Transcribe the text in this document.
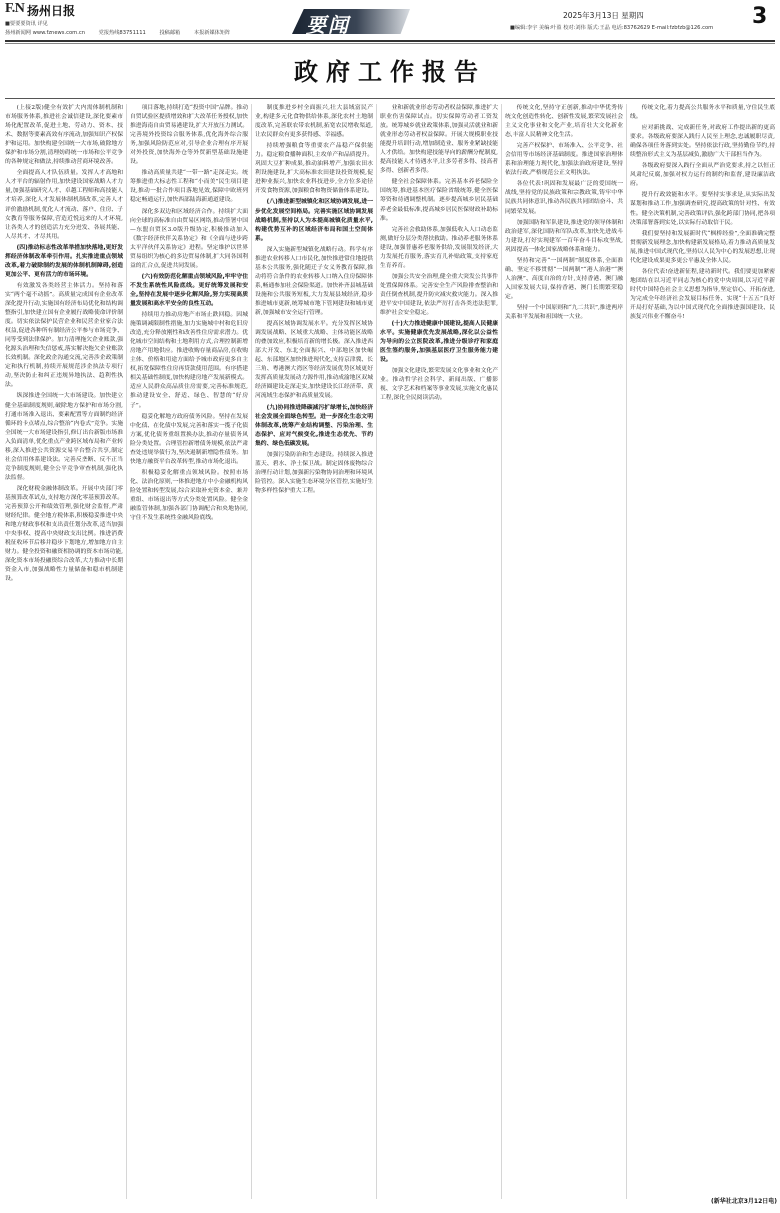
F.N 扬州日报
■要要要资讯 详见
扬州新闻网 www.fznews.com.cn	党报热线83751111	投稿邮箱	本报新媒体矩阵	要闻	2025年3月13日 星期四
■编辑:李宇 美编:叶盈 校对:刘伟 版式:王晶 电话:83762629 E-mail:fzbfzb@126.com 3
政府工作报告

(上接2版)健全有效扩大内需体制机制和市场服务体系,推进社会诚信建设,深化要素市场化配置改革,促进土地、劳动力、资本、技术、数据等要素高效有序流动,加强知识产权保护和运用。加快构建全国统一大市场,破除地方保护和市场分割,清理妨碍统一市场和公平竞争的各种规定和做法,持续推动营商环境改善。

全面提高人才队伍质量。发挥人才高地和人才平台的辐射作用,加快建设国家战略人才力量,加强基础研究人才、卓越工程师和高技能人才培养,深化人才发展体制机制改革,完善人才评价激励机制,优化人才流动、落户、住房、子女教育等服务保障,营造近悦远来的人才环境,让各类人才的创造活力充分迸发、各展其能、人尽其才、才尽其用。

(四)推动标志性改革举措加快落地,更好发挥经济体制改革牵引作用。扎实推进重点领域改革,着力破除制约发展的体制机制障碍,创造更加公平、更有活力的市场环境。

有效激发各类经营主体活力。坚持和落实“两个毫不动摇”。高质量完成国有企业改革深化提升行动,实施国有经济布局优化和结构调整指引,加快建立国有企业履行战略使命评价制度。切实依法保护民营企业和民营企业家合法权益,促进各种所有制经济公平参与市场竞争、同等受到法律保护。加力清理拖欠企业账款,强化源头治理和失信惩戒,落实解决拖欠企业账款长效机制。深化政企沟通交流,完善涉企政策制定和执行机制,持续开展规范涉企执法专项行动,坚决防止和纠正违规异地执法、趋利性执法。

纵深推进全国统一大市场建设。加快建立健全基础制度规则,破除地方保护和市场分割,打通市场准入退出、要素配置等方面制约经济循环的卡点堵点,综合整治“内卷式”竞争。实施全国统一大市场建设指引,修订出台新版市场准入负面清单,优化重点产业跨区域布局和产业转移,深入推进公共资源交易平台整合共享,制定社会信用体系建设法。完善反垄断、反不正当竞争制度规则,健全公平竞争审查机制,强化执法监督。

深化财税金融体制改革。开展中央部门零基预算改革试点,支持地方深化零基预算改革。完善预算公开和绩效管理,强化财会监督,严肃财经纪律。健全地方税体系,积极稳妥推进中央和地方财政事权和支出责任划分改革,适当加强中央事权、提高中央财政支出比例。推进消费税征收环节后移并稳步下划地方,增加地方自主财力。健全投资和融资相协调的资本市场功能,深化资本市场投融资综合改革,大力推动中长期资金入市,加强战略性力量储备和稳市机制建设。

项目落地,持续打造“投资中国”品牌。推动自贸试验区提质增效和扩大改革任务授权,加快推进海南自由贸易港建设,扩大开放压力测试。完善境外投资综合服务体系,优化海外综合服务,加强风险防范应对,引导企业合理有序开展对外投资,加快海外仓等外贸新型基础设施建设。

推动高质量共建“一带一路”走深走实。统筹推进重大标志性工程和“小而美”民生项目建设,推动一批合作项目落地见效,保障中欧班列稳定畅通运行,加快西部陆海新通道建设。

深化多双边和区域经济合作。持续扩大面向全球的高标准自由贸易区网络,推动签署中国—东盟自贸区3.0版升级协定,积极推动加入《数字经济伙伴关系协定》和《全面与进步跨太平洋伙伴关系协定》进程。坚定维护以世界贸易组织为核心的多边贸易体制,扩大同各国利益的汇合点,促进共同发展。

(六)有效防范化解重点领域风险,牢牢守住不发生系统性风险底线。更好统筹发展和安全,坚持在发展中逐步化解风险,努力实现高质量发展和高水平安全的良性互动。

持续用力推动房地产市场止跌回稳。因城施策调减限制性措施,加力实施城中村和危旧房改造,充分释放刚性和改善性住房需求潜力。优化城市空间结构和土地利用方式,合理控制新增房地产用地供应。推进收购存量商品房,在收购主体、价格和用途方面给予城市政府更多自主权,拓宽保障性住房再贷款使用范围。有序搭建相关基础性制度,加快构建房地产发展新模式。适应人民群众高品质住房需要,完善标准规范,推动建设安全、舒适、绿色、智慧的“好房子”。

稳妥化解地方政府债务风险。坚持在发展中化债、在化债中发展,完善和落实一揽子化债方案,优化债务重组置换办法,推动存量债务风险分类处置。合理管控新增债务规模,依法严肃查处违规举债行为,坚决遏制新增隐性债务。加快地方融资平台改革转型,推动市场化退出。

积极稳妥化解重点领域风险。按照市场化、法治化原则,一体推进地方中小金融机构风险处置和转型发展,综合采取补充资本金、兼并重组、市场退出等方式分类处置风险。健全金融监管体制,加强各部门协调配合和央地协同,守住不发生系统性金融风险底线。

制度推进乡村全面振兴,壮大县域富民产业,构建多元化食物供给体系,深化农村土地制度改革,完善联农带农机制,拓宽农民增收渠道,让农民群众有更多获得感、幸福感。

持续增强粮食等重要农产品稳产保供能力。稳定粮食播种面积,主攻单产和品质提升。巩固大豆扩种成果,推动油料增产,加强农田水利设施建设,扩大高标准农田建设投资规模,促进种业振兴,加快农业科技进步,全方位多途径开发食物资源,加强粮食和物资储备体系建设。

(八)推进新型城镇化和区域协调发展,进一步优化发展空间格局。完善实施区域协调发展战略机制,坚持以人为本提高城镇化质量水平,构建优势互补的区域经济布局和国土空间体系。

深入实施新型城镇化战略行动。科学有序推进农业转移人口市民化,加快推进常住地提供基本公共服务,强化随迁子女义务教育保障,推动将符合条件的农业转移人口纳入住房保障体系,畅通参加社会保险渠道。加快补齐县城基础设施和公共服务短板,大力发展县域经济,稳步推进城市更新,统筹城市地下管网建设和城市更新,加强城市安全运行管理。

提高区域协调发展水平。充分发挥区域协调发展战略、区域重大战略、主体功能区战略的叠加效应,积极培育新的增长极。深入推进西部大开发、东北全面振兴、中部地区加快崛起、东部地区加快推进现代化,支持京津冀、长三角、粤港澳大湾区等经济发展优势区域更好发挥高质量发展动力源作用,推动成渝地区双城经济圈建设走深走实,加快建设长江经济带、黄河流域生态保护和高质量发展。

(九)协同推进降碳减污扩绿增长,加快经济社会发展全面绿色转型。进一步深化生态文明体制改革,统筹产业结构调整、污染治理、生态保护、应对气候变化,推进生态优先、节约集约、绿色低碳发展。

加强污染防治和生态建设。持续深入推进蓝天、碧水、净土保卫战。制定固体废物综合治理行动计划,加强新污染物协同治理和环境风险管控。深入实施生态环境分区管控,实施好生物多样性保护重大工程。

业和新就业形态劳动者权益保障,推进扩大职业伤害保障试点。切实保障劳动者工资发放。统筹城乡就业政策体系,加强灵活就业和新就业形态劳动者权益保障。开展大规模职业技能提升培训行动,增加制造业、服务业紧缺技能人才供给。加快构建技能导向的薪酬分配制度,提高技能人才待遇水平,让多劳者多得、技高者多得、创新者多得。

健全社会保障体系。完善基本养老保险全国统筹,推进基本医疗保险省级统筹,健全医保筹资和待遇调整机制。逐步提高城乡居民基础养老金最低标准,提高城乡居民医保财政补助标准。

完善社会救助体系,加强低收入人口动态监测,做好分层分类帮扶救助。推动养老服务体系建设,加强普惠养老服务供给,发展银发经济,大力发展托育服务,落实育儿补贴政策,支持家庭生育养育。

加强公共安全治理,健全重大突发公共事件处置保障体系。完善安全生产风险排查整治和责任倒查机制,提升防灾减灾救灾能力。深入推进平安中国建设,依法严厉打击各类违法犯罪,维护社会安全稳定。

(十)大力推进健康中国建设,提高人民健康水平。实施健康优先发展战略,深化以公益性为导向的公立医院改革,推进分级诊疗和家庭医生签约服务,加强基层医疗卫生服务能力建设。

加强文化建设,繁荣发展文化事业和文化产业。推动哲学社会科学、新闻出版、广播影视、文学艺术和档案等事业发展,实施文化惠民工程,深化全民阅读活动。

传统文化,坚持守正创新,推动中华优秀传统文化创造性转化、创新性发展,繁荣发展社会主义文化事业和文化产业,培育壮大文化新业态,丰富人民精神文化生活。

完善产权保护、市场准入、公平竞争、社会信用等市场经济基础制度。推进国家治理体系和治理能力现代化,加强法治政府建设,坚持依法行政,严格规范公正文明执法。

各位代表!巩固和发展最广泛的爱国统一战线,坚持党的民族政策和宗教政策,铸牢中华民族共同体意识,推动各民族共同团结奋斗、共同繁荣发展。

加强国防和军队建设,推进党的领导体制和政治建军,深化国防和军队改革,加快先进战斗力建设,打好实现建军一百年奋斗目标攻坚战,巩固提高一体化国家战略体系和能力。

坚持和完善“一国两制”制度体系,全面准确、坚定不移贯彻“一国两制”“港人治港”“澳人治澳”、高度自治的方针,支持香港、澳门融入国家发展大局,保持香港、澳门长期繁荣稳定。

坚持一个中国原则和“九二共识”,推进两岸关系和平发展和祖国统一大业。

传统文化,着力提高公共服务水平和质量,守住民生底线。

应对新挑战、完成新任务,对政府工作提出新的更高要求。各级政府要深入践行人民至上理念,忠诚履职尽责,确保各项任务落到实处。坚持依法行政,坚持勤俭节约,持续整治形式主义为基层减负,激励广大干部担当作为。

各级政府要深入践行全面从严治党要求,持之以恒正风肃纪反腐,加强对权力运行的制约和监督,建设廉洁政府。

提升行政效能和水平。要坚持实事求是,从实际出发谋划和推动工作,加强调查研究,提高政策的针对性、有效性。健全决策机制,完善政策评估,强化跨部门协同,把各项决策部署落到实处,以实际行动取信于民。

我们要坚持和发展新时代“枫桥经验”,全面准确完整贯彻新发展理念,加快构建新发展格局,着力推动高质量发展,推进中国式现代化,坚持以人民为中心的发展思想,让现代化建设成果更多更公平惠及全体人民。

各位代表!奋进新征程,建功新时代。我们要更加紧密地团结在以习近平同志为核心的党中央周围,以习近平新时代中国特色社会主义思想为指导,坚定信心、开拓奋进,为完成全年经济社会发展目标任务、实现“十五五”良好开局打好基础,为以中国式现代化全面推进强国建设、民族复兴伟业不懈奋斗!

(新华社北京3月12日电)
